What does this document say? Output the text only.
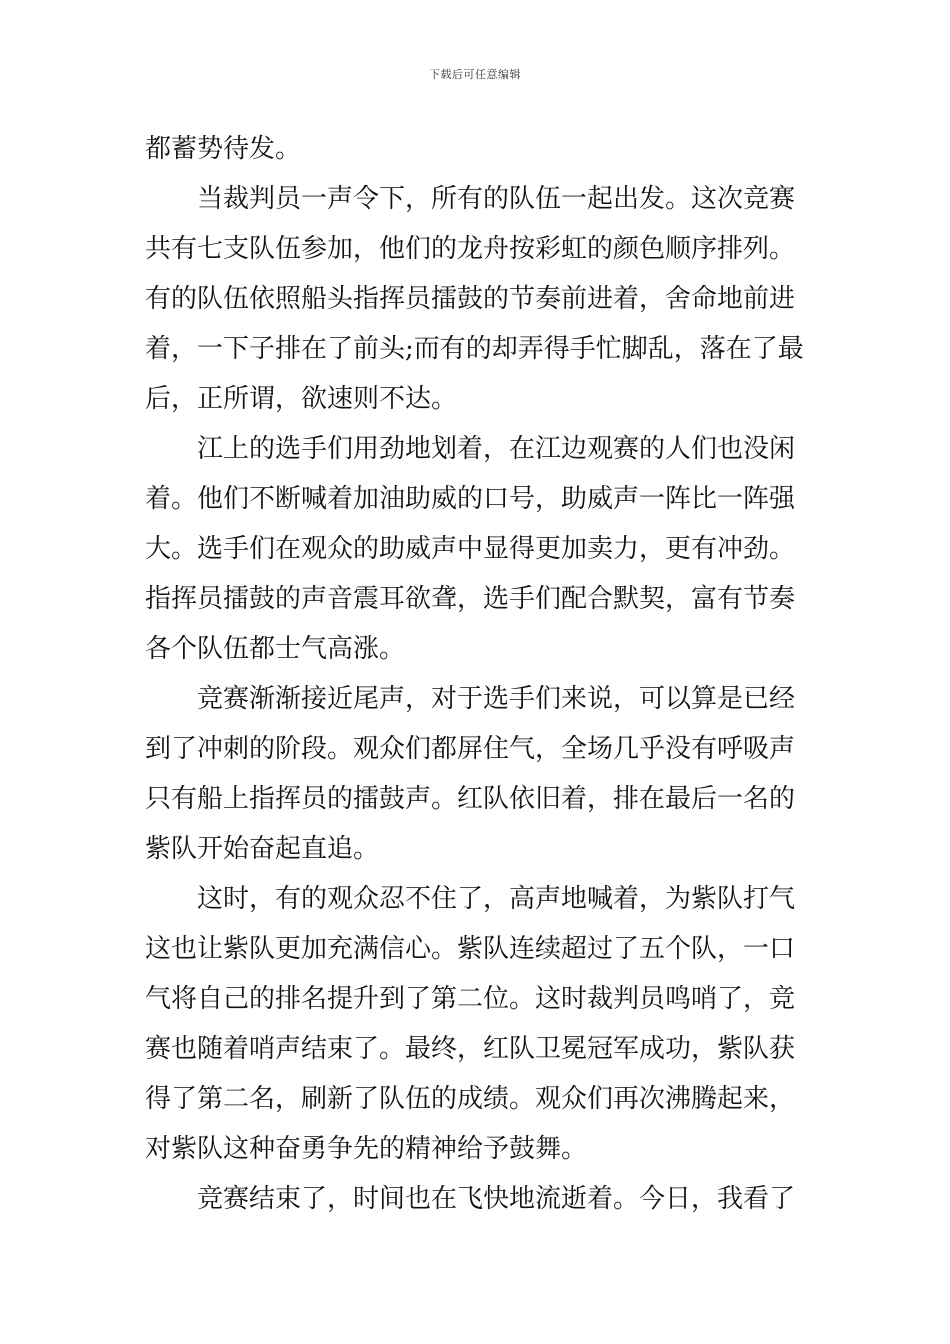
下载后可任意编辑
都蓄势待发。
当裁判员一声令下，所有的队伍一起出发。这次竞赛
共有七支队伍参加，他们的龙舟按彩虹的颜色顺序排列。
有的队伍依照船头指挥员擂鼓的节奏前进着，舍命地前进
着，一下子排在了前头;而有的却弄得手忙脚乱，落在了最
后，正所谓，欲速则不达。
江上的选手们用劲地划着，在江边观赛的人们也没闲
着。他们不断喊着加油助威的口号，助威声一阵比一阵强
大。选手们在观众的助威声中显得更加卖力，更有冲劲。
指挥员擂鼓的声音震耳欲聋，选手们配合默契，富有节奏
各个队伍都士气高涨。
竞赛渐渐接近尾声，对于选手们来说，可以算是已经
到了冲刺的阶段。观众们都屏住气，全场几乎没有呼吸声
只有船上指挥员的擂鼓声。红队依旧着，排在最后一名的
紫队开始奋起直追。
这时，有的观众忍不住了，高声地喊着，为紫队打气
这也让紫队更加充满信心。紫队连续超过了五个队，一口
气将自己的排名提升到了第二位。这时裁判员鸣哨了，竞
赛也随着哨声结束了。最终，红队卫冕冠军成功，紫队获
得了第二名，刷新了队伍的成绩。观众们再次沸腾起来，
对紫队这种奋勇争先的精神给予鼓舞。
竞赛结束了，时间也在飞快地流逝着。今日，我看了
